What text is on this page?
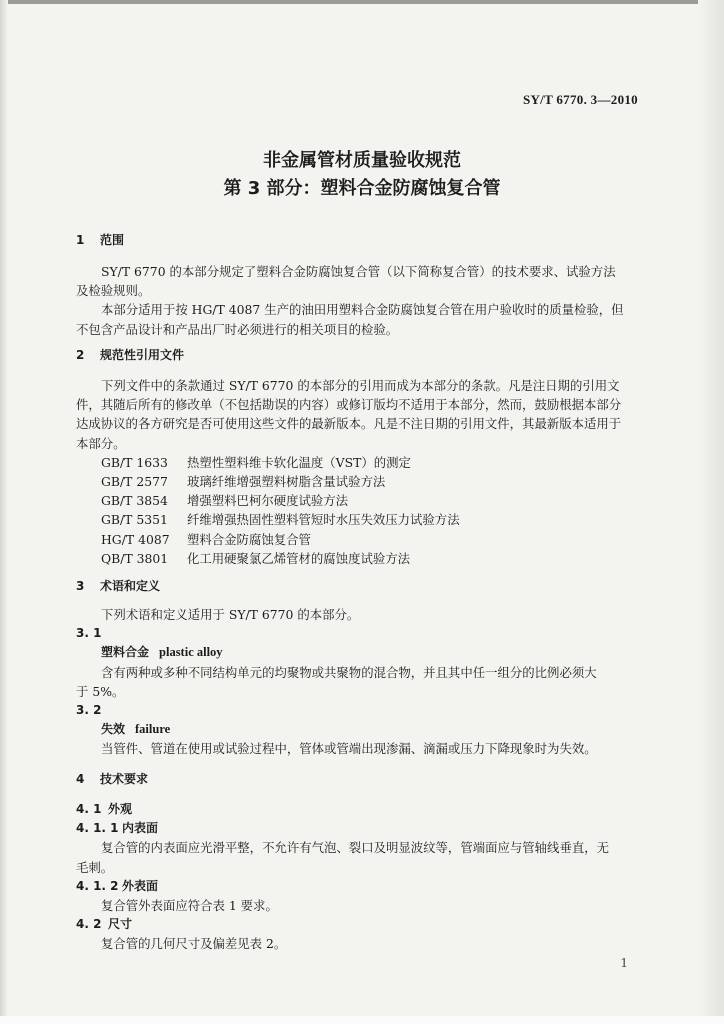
SY/T 6770. 3—2010
非金属管材质量验收规范
第 3 部分：塑料合金防腐蚀复合管
1 范围
SY/T 6770 的本部分规定了塑料合金防腐蚀复合管（以下简称复合管）的技术要求、试验方法
及检验规则。
本部分适用于按 HG/T 4087 生产的油田用塑料合金防腐蚀复合管在用户验收时的质量检验，但
不包含产品设计和产品出厂时必须进行的相关项目的检验。
2 规范性引用文件
下列文件中的条款通过 SY/T 6770 的本部分的引用而成为本部分的条款。凡是注日期的引用文
件，其随后所有的修改单（不包括勘误的内容）或修订版均不适用于本部分，然而，鼓励根据本部分
达成协议的各方研究是否可使用这些文件的最新版本。凡是不注日期的引用文件，其最新版本适用于
本部分。
GB/T 1633 热塑性塑料维卡软化温度（VST）的测定
GB/T 2577 玻璃纤维增强塑料树脂含量试验方法
GB/T 3854 增强塑料巴柯尔硬度试验方法
GB/T 5351 纤维增强热固性塑料管短时水压失效压力试验方法
HG/T 4087 塑料合金防腐蚀复合管
QB/T 3801 化工用硬聚氯乙烯管材的腐蚀度试验方法
3 术语和定义
下列术语和定义适用于 SY/T 6770 的本部分。
3. 1
塑料合金 plastic alloy
含有两种或多种不同结构单元的均聚物或共聚物的混合物，并且其中任一组分的比例必须大
于 5%。
3. 2
失效 failure
当管件、管道在使用或试验过程中，管体或管端出现渗漏、滴漏或压力下降现象时为失效。
4 技术要求
4. 1 外观
4. 1. 1 内表面
复合管的内表面应光滑平整，不允许有气泡、裂口及明显波纹等，管端面应与管轴线垂直，无
毛刺。
4. 1. 2 外表面
复合管外表面应符合表 1 要求。
4. 2 尺寸
复合管的几何尺寸及偏差见表 2。
1
